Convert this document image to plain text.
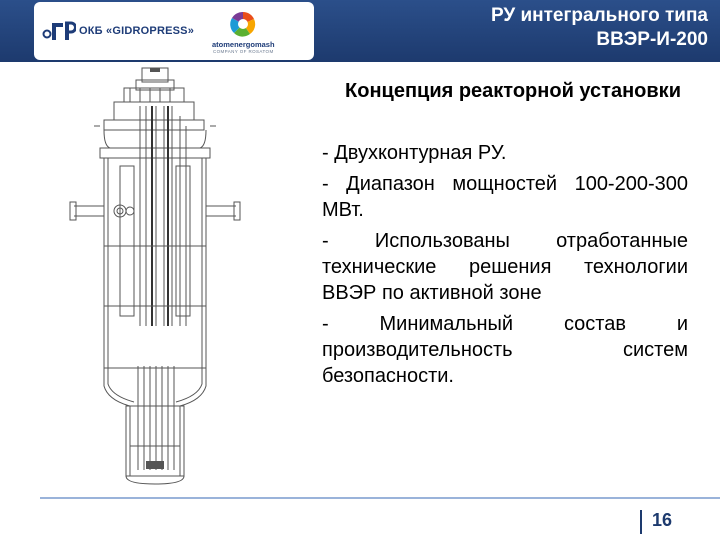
ОКБ «GIDROPRESS»
atomenergomash
COMPANY OF ROSATOM
РУ интегрального типа
ВВЭР-И-200
Концепция реакторной установки

- Двухконтурная РУ.

- Диапазон мощностей 100-200-300 МВт.

- Использованы отработанные технические решения технологии ВВЭР по активной зоне

- Минимальный состав и производительность систем безопасности.

16
